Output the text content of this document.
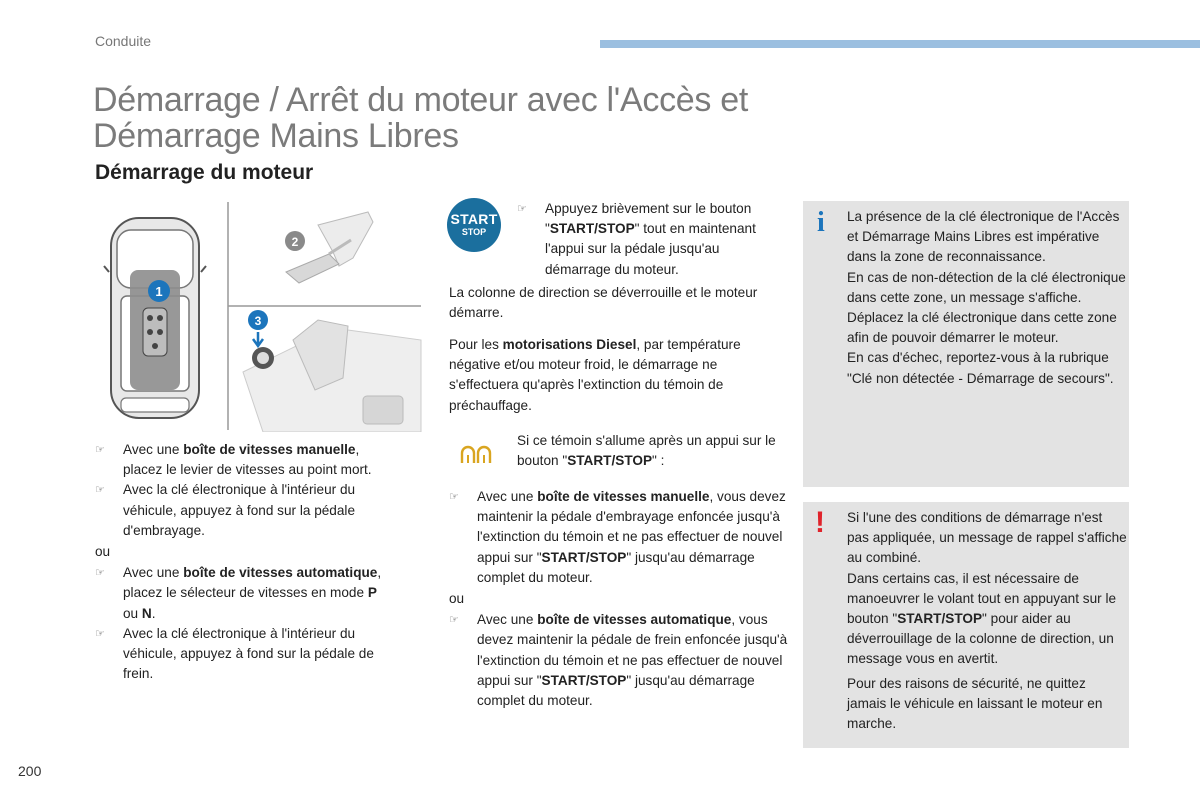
Conduite
Démarrage / Arrêt du moteur avec l'Accès et
Démarrage Mains Libres
Démarrage du moteur
1
2
3
☞ Avec une boîte de vitesses manuelle, placez le levier de vitesses au point mort.
☞ Avec la clé électronique à l'intérieur du véhicule, appuyez à fond sur la pédale d'embrayage.
ou
☞ Avec une boîte de vitesses automatique, placez le sélecteur de vitesses en mode P ou N.
☞ Avec la clé électronique à l'intérieur du véhicule, appuyez à fond sur la pédale de frein.
START
STOP
☞ Appuyez brièvement sur le bouton "START/STOP" tout en maintenant l'appui sur la pédale jusqu'au démarrage du moteur.
La colonne de direction se déverrouille et le moteur démarre.
Pour les motorisations Diesel, par température négative et/ou moteur froid, le démarrage ne s'effectuera qu'après l'extinction du témoin de préchauffage.
Si ce témoin s'allume après un appui sur le bouton "START/STOP" :
☞ Avec une boîte de vitesses manuelle, vous devez maintenir la pédale d'embrayage enfoncée jusqu'à l'extinction du témoin et ne pas effectuer de nouvel appui sur "START/STOP" jusqu'au démarrage complet du moteur.
ou
☞ Avec une boîte de vitesses automatique, vous devez maintenir la pédale de frein enfoncée jusqu'à l'extinction du témoin et ne pas effectuer de nouvel appui sur "START/STOP" jusqu'au démarrage complet du moteur.
i La présence de la clé électronique de l'Accès et Démarrage Mains Libres est impérative dans la zone de reconnaissance.
En cas de non-détection de la clé électronique dans cette zone, un message s'affiche.
Déplacez la clé électronique dans cette zone afin de pouvoir démarrer le moteur.
En cas d'échec, reportez-vous à la rubrique "Clé non détectée - Démarrage de secours".
! Si l'une des conditions de démarrage n'est pas appliquée, un message de rappel s'affiche au combiné.
Dans certains cas, il est nécessaire de manoeuvrer le volant tout en appuyant sur le bouton "START/STOP" pour aider au déverrouillage de la colonne de direction, un message vous en avertit.
Pour des raisons de sécurité, ne quittez jamais le véhicule en laissant le moteur en marche.
200
